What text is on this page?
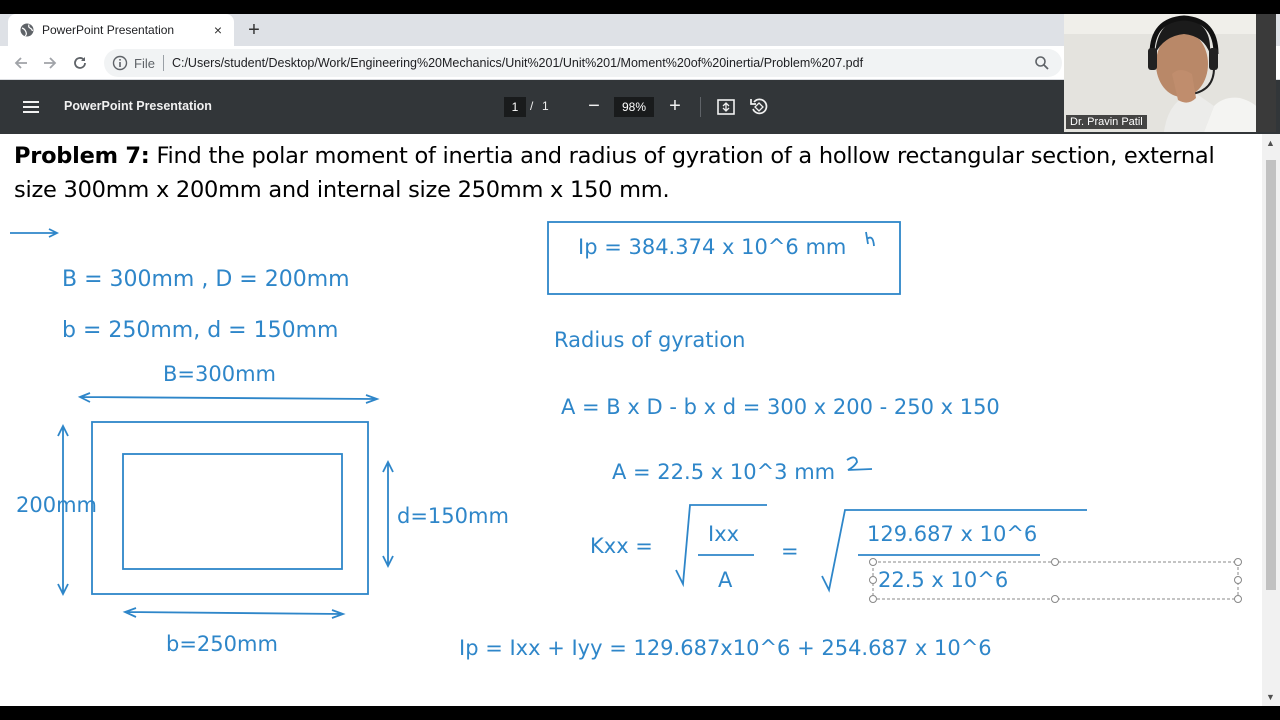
PowerPoint Presentation	× +
File C:/Users/student/Desktop/Work/Engineering%20Mechanics/Unit%201/Unit%201/Moment%20of%20inertia/Problem%207.pdf
PowerPoint Presentation	1 / 1 −	98%	+
Dr. Pravin Patil
Problem 7: Find the polar moment of inertia and radius of gyration of a hollow rectangular section, external size 300mm x 200mm and internal size 250mm x 150 mm.
B = 300mm , D = 200mm
b = 250mm, d = 150mm
B=300mm
200mm	d=150mm
b=250mm
Ip = 384.374 x 10^6 mm
Radius of gyration
A = B x D - b x d = 300 x 200 - 250 x 150
A = 22.5 x 10^3 mm
Kxx =	Ixx
A
=
129.687 x 10^6
22.5 x 10^6
Ip = Ixx + Iyy = 129.687x10^6 + 254.687 x 10^6
▲
▼
